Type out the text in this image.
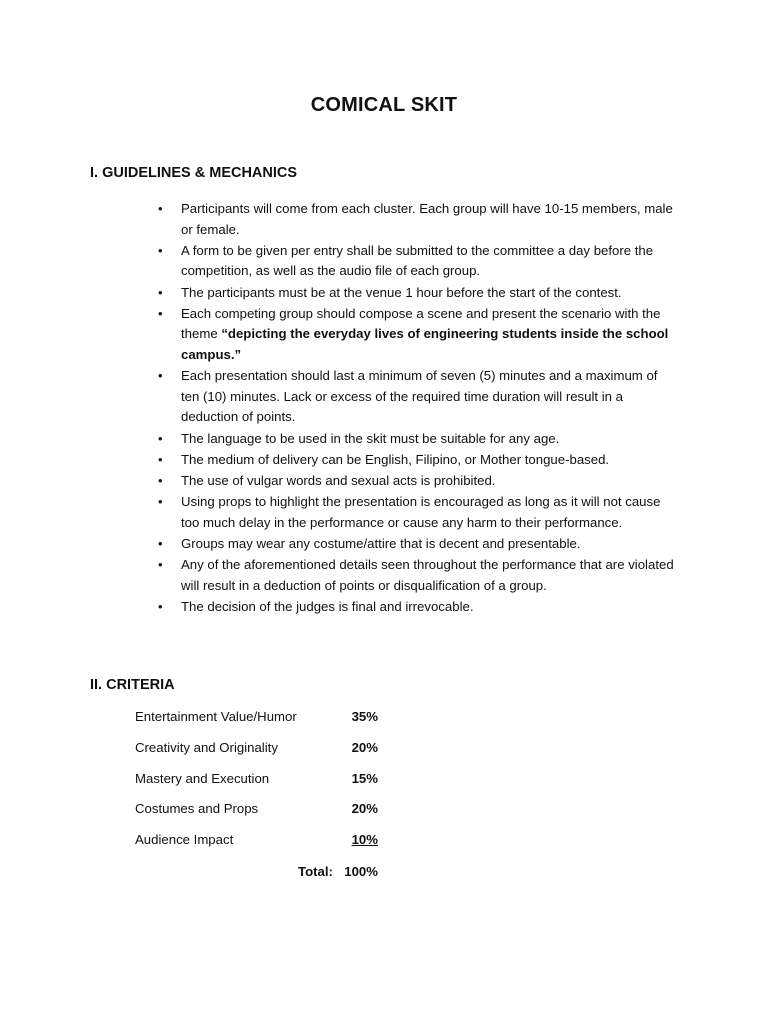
COMICAL SKIT
I. GUIDELINES & MECHANICS
• Participants will come from each cluster. Each group will have 10-15 members, male or female.
• A form to be given per entry shall be submitted to the committee a day before the competition, as well as the audio file of each group.
• The participants must be at the venue 1 hour before the start of the contest.
• Each competing group should compose a scene and present the scenario with the theme “depicting the everyday lives of engineering students inside the school campus.”
• Each presentation should last a minimum of seven (5) minutes and a maximum of ten (10) minutes. Lack or excess of the required time duration will result in a deduction of points.
• The language to be used in the skit must be suitable for any age.
• The medium of delivery can be English, Filipino, or Mother tongue-based.
• The use of vulgar words and sexual acts is prohibited.
• Using props to highlight the presentation is encouraged as long as it will not cause too much delay in the performance or cause any harm to their performance.
• Groups may wear any costume/attire that is decent and presentable.
• Any of the aforementioned details seen throughout the performance that are violated will result in a deduction of points or disqualification of a group.
• The decision of the judges is final and irrevocable.
II. CRITERIA
Entertainment Value/Humor	35%
Creativity and Originality	20%
Mastery and Execution	15%
Costumes and Props	20%
Audience Impact	10%
Total: 100%
